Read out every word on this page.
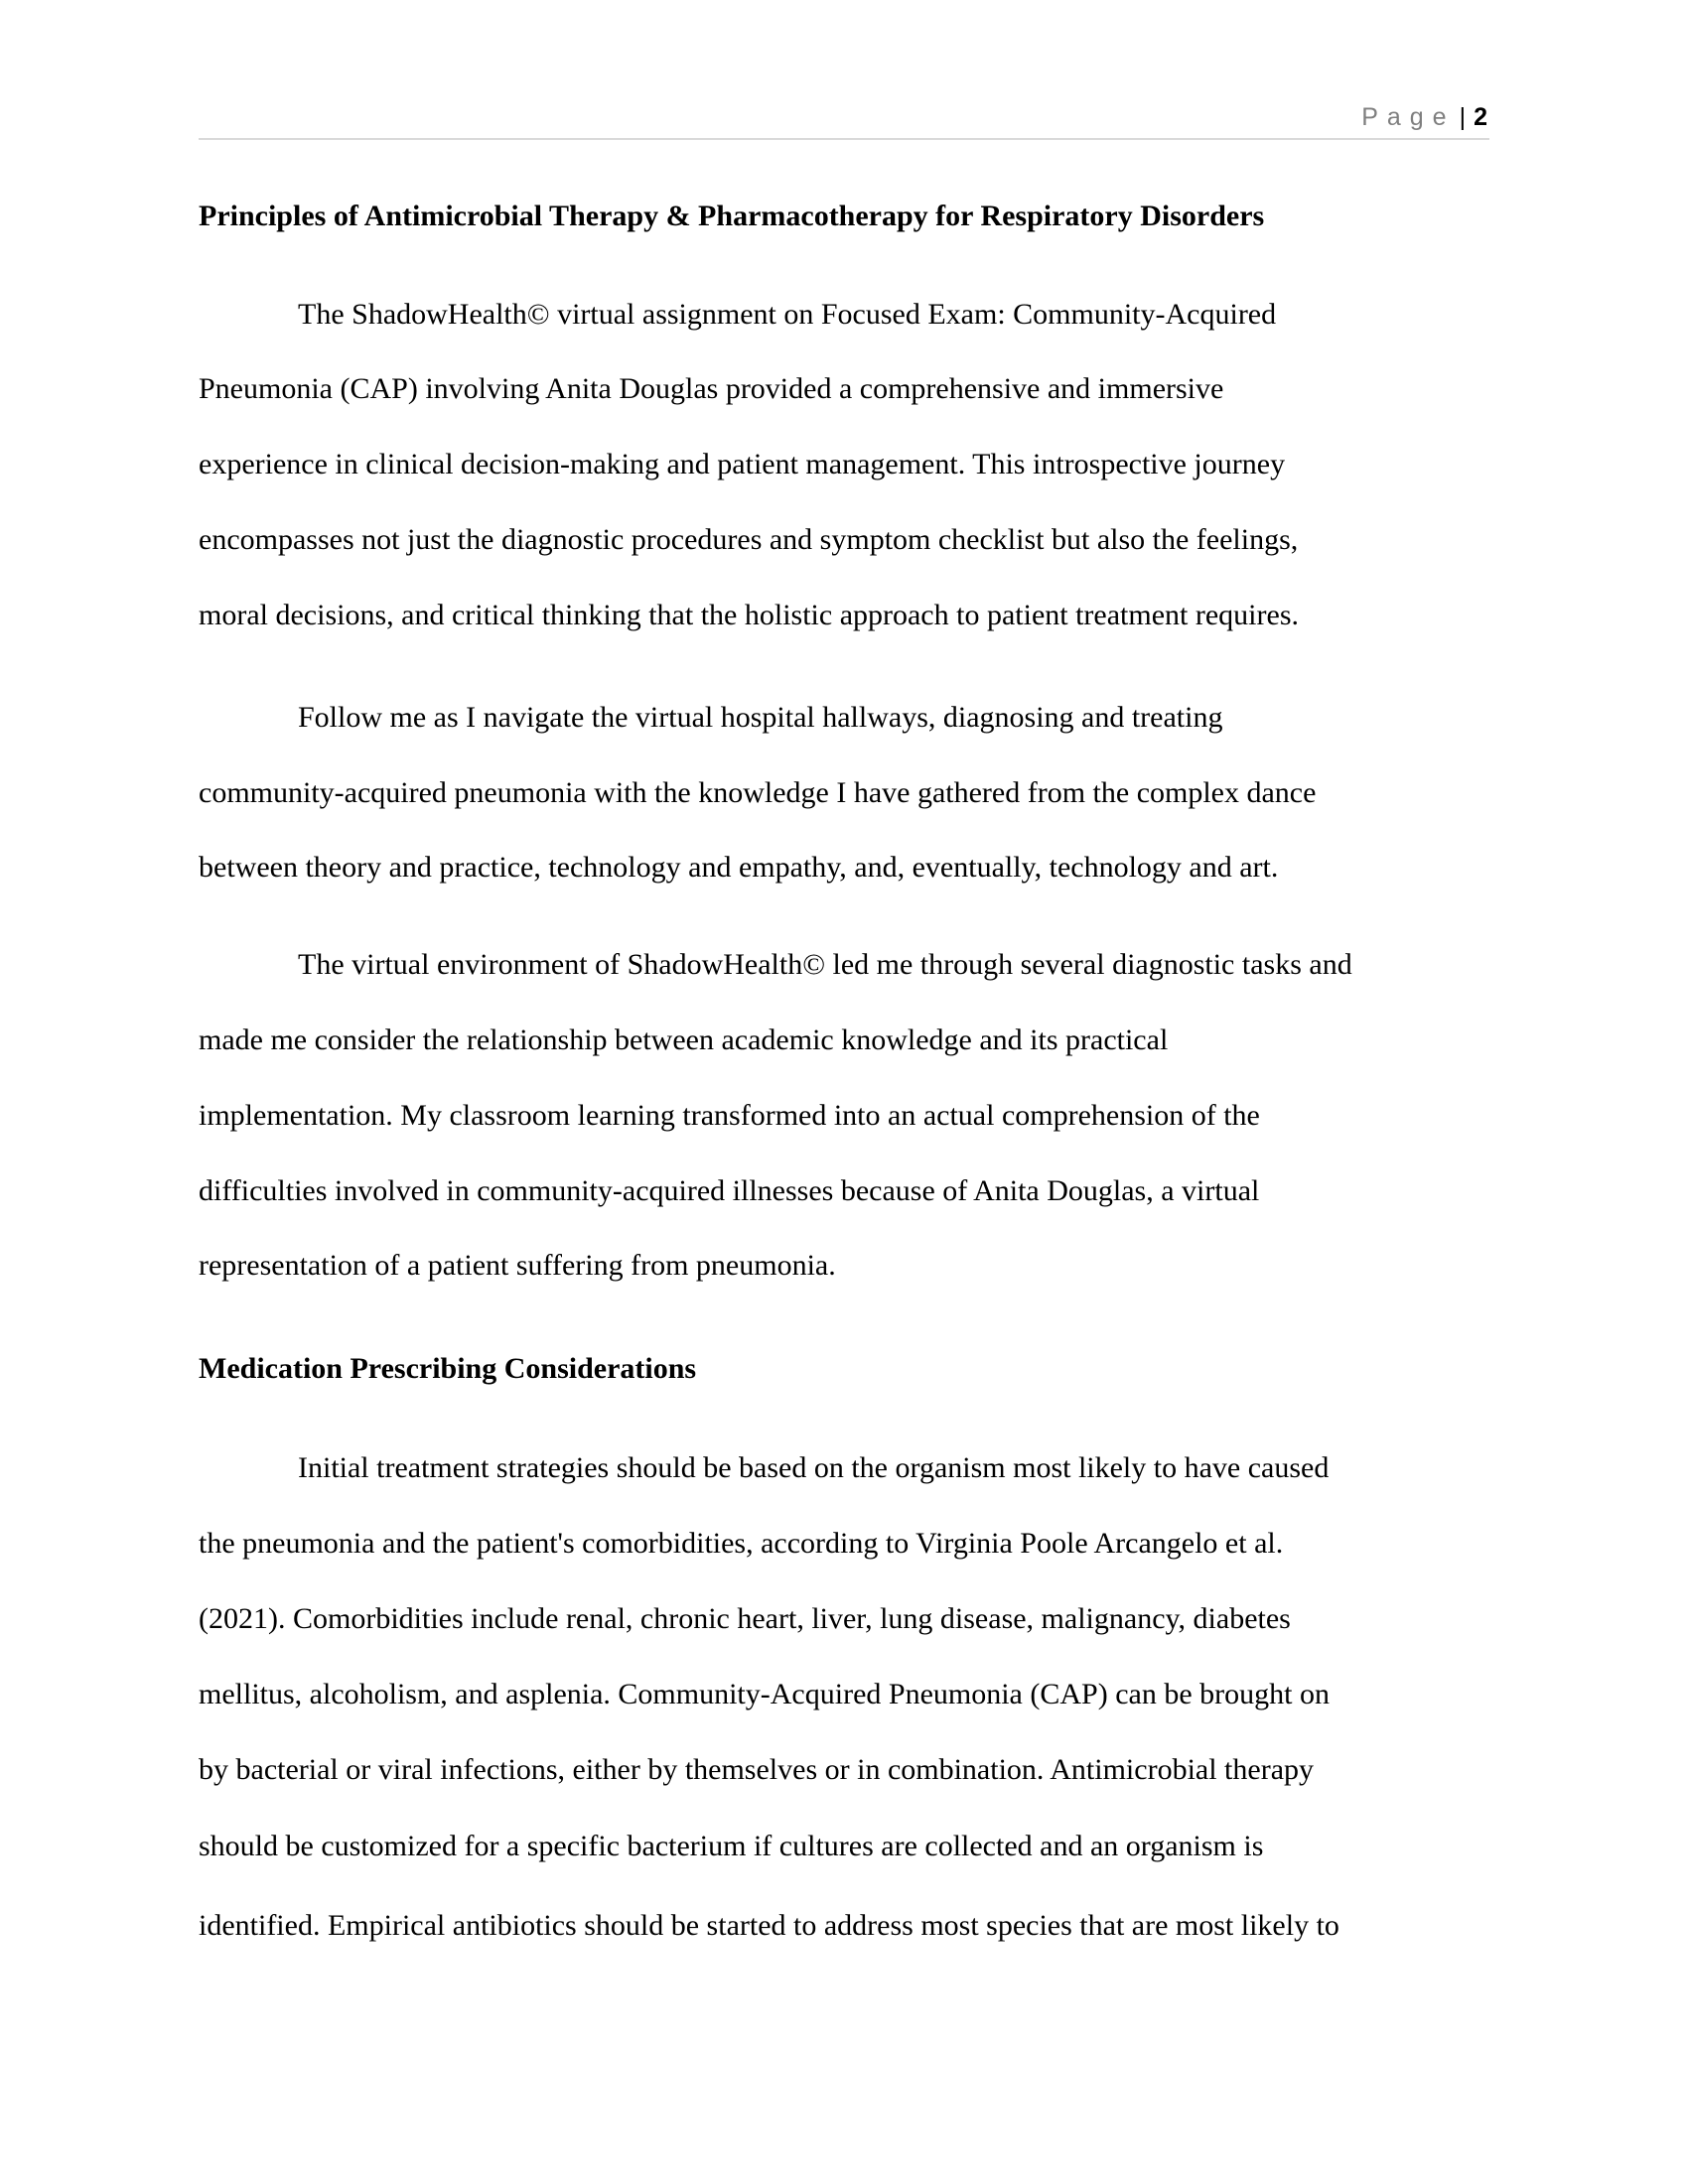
Page | 2
Principles of Antimicrobial Therapy & Pharmacotherapy for Respiratory Disorders
The ShadowHealth© virtual assignment on Focused Exam: Community-Acquired
Pneumonia (CAP) involving Anita Douglas provided a comprehensive and immersive
experience in clinical decision-making and patient management. This introspective journey
encompasses not just the diagnostic procedures and symptom checklist but also the feelings,
moral decisions, and critical thinking that the holistic approach to patient treatment requires.
Follow me as I navigate the virtual hospital hallways, diagnosing and treating
community-acquired pneumonia with the knowledge I have gathered from the complex dance
between theory and practice, technology and empathy, and, eventually, technology and art.
The virtual environment of ShadowHealth© led me through several diagnostic tasks and
made me consider the relationship between academic knowledge and its practical
implementation. My classroom learning transformed into an actual comprehension of the
difficulties involved in community-acquired illnesses because of Anita Douglas, a virtual
representation of a patient suffering from pneumonia.
Medication Prescribing Considerations
Initial treatment strategies should be based on the organism most likely to have caused
the pneumonia and the patient's comorbidities, according to Virginia Poole Arcangelo et al.
(2021). Comorbidities include renal, chronic heart, liver, lung disease, malignancy, diabetes
mellitus, alcoholism, and asplenia. Community-Acquired Pneumonia (CAP) can be brought on
by bacterial or viral infections, either by themselves or in combination. Antimicrobial therapy
should be customized for a specific bacterium if cultures are collected and an organism is
identified. Empirical antibiotics should be started to address most species that are most likely to
